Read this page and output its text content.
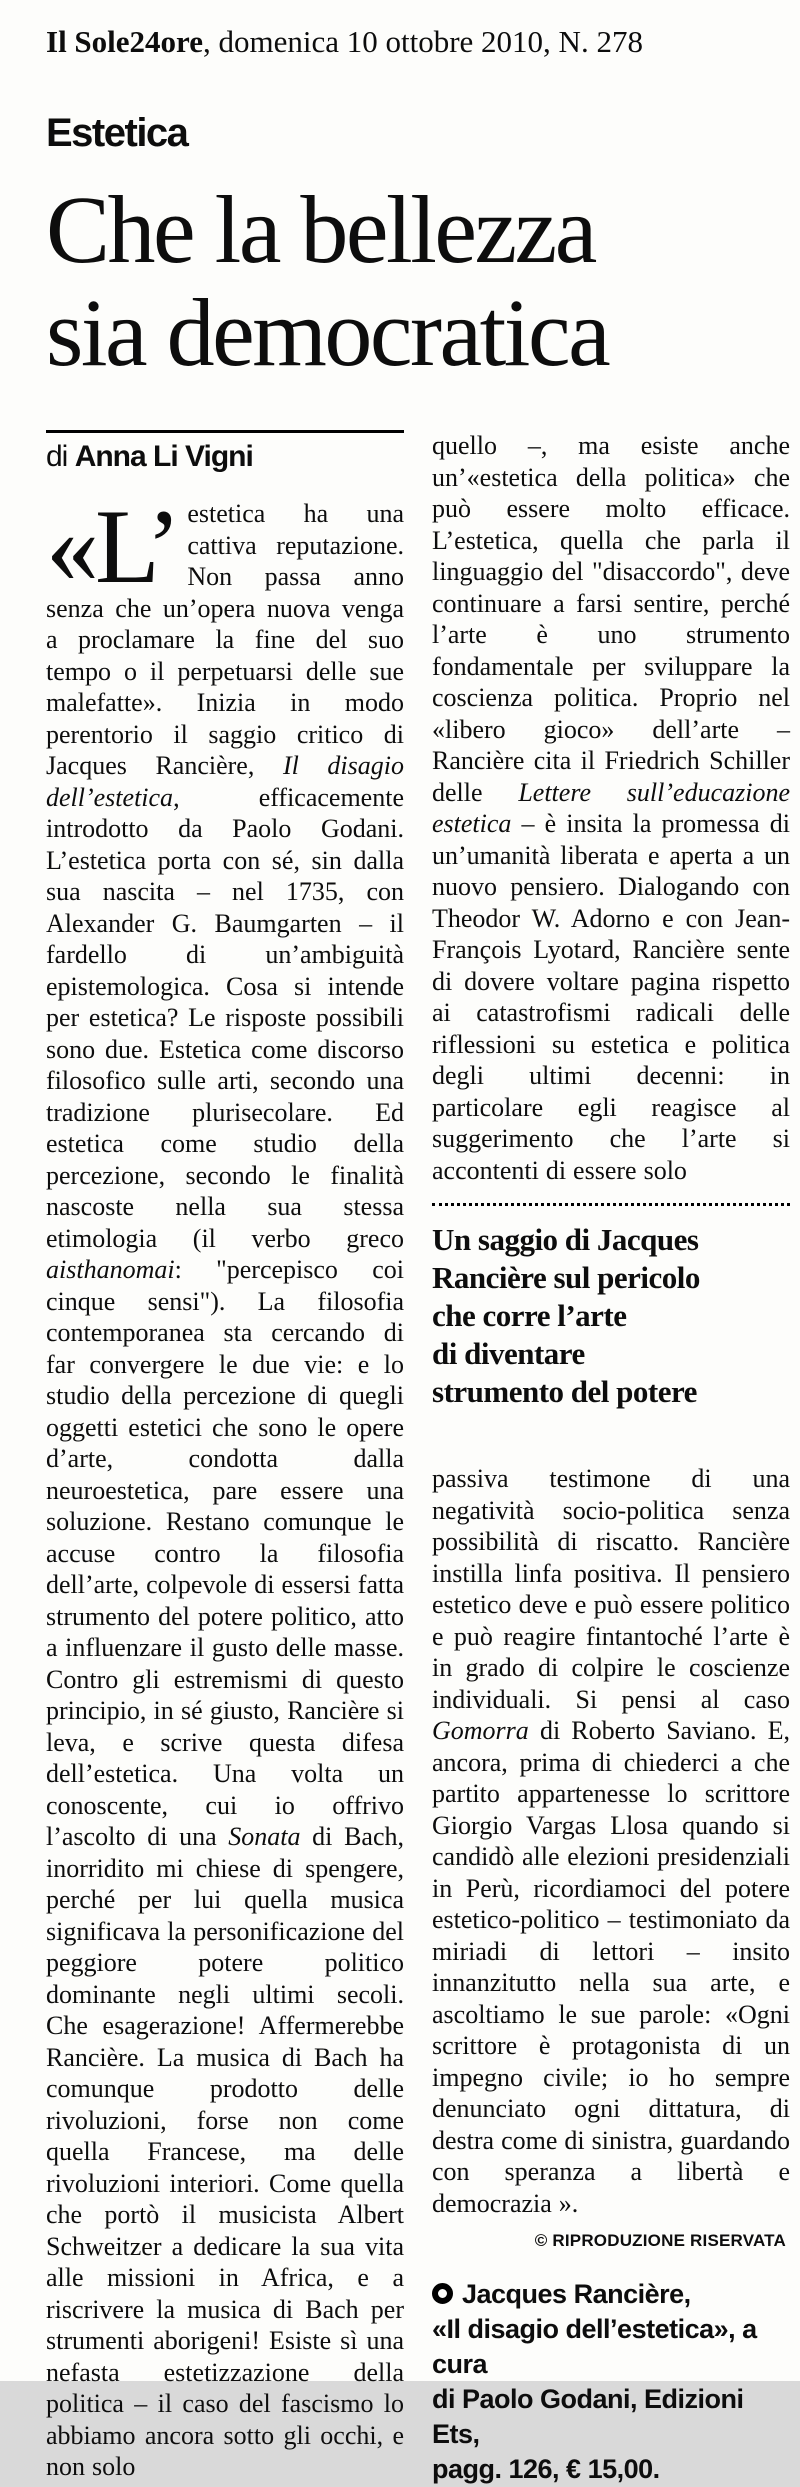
Il Sole24ore, domenica 10 ottobre 2010, N. 278
Estetica
Che la bellezza
sia democratica
di Anna Li Vigni

«L’ estetica ha una cattiva reputazione. Non passa anno senza che un’opera nuova venga a proclamare la fine del suo tempo o il perpetuarsi delle sue malefatte». Inizia in modo perentorio il saggio critico di Jacques Rancière, Il disagio dell’estetica, efficacemente introdotto da Paolo Godani. L’estetica porta con sé, sin dalla sua nascita – nel 1735, con Alexander G. Baumgarten – il fardello di un’ambiguità epistemologica. Cosa si intende per estetica? Le risposte possibili sono due. Estetica come discorso filosofico sulle arti, secondo una tradizione plurisecolare. Ed estetica come studio della percezione, secondo le finalità nascoste nella sua stessa etimologia (il verbo greco aisthanomai: "percepisco coi cinque sensi"). La filosofia contemporanea sta cercando di far convergere le due vie: e lo studio della percezione di quegli oggetti estetici che sono le opere d’arte, condotta dalla neuroestetica, pare essere una soluzione. Restano comunque le accuse contro la filosofia dell’arte, colpevole di essersi fatta strumento del potere politico, atto a influenzare il gusto delle masse. Contro gli estremismi di questo principio, in sé giusto, Rancière si leva, e scrive questa difesa dell’estetica. Una volta un conoscente, cui io offrivo l’ascolto di una Sonata di Bach, inorridito mi chiese di spengere, perché per lui quella musica significava la personificazione del peggiore potere politico dominante negli ultimi secoli. Che esagerazione! Affermerebbe Rancière. La musica di Bach ha comunque prodotto delle rivoluzioni, forse non come quella Francese, ma delle rivoluzioni interiori. Come quella che portò il musicista Albert Schweitzer a dedicare la sua vita alle missioni in Africa, e a riscrivere la musica di Bach per strumenti aborigeni! Esiste sì una nefasta estetizzazione della politica – il caso del fascismo lo abbiamo ancora sotto gli occhi, e non solo

quello –, ma esiste anche un’«estetica della politica» che può essere molto efficace. L’estetica, quella che parla il linguaggio del "disaccordo", deve continuare a farsi sentire, perché l’arte è uno strumento fondamentale per sviluppare la coscienza politica. Proprio nel «libero gioco» dell’arte – Rancière cita il Friedrich Schiller delle Lettere sull’educazione estetica – è insita la promessa di un’umanità liberata e aperta a un nuovo pensiero. Dialogando con Theodor W. Adorno e con Jean-François Lyotard, Rancière sente di dovere voltare pagina rispetto ai catastrofismi radicali delle riflessioni su estetica e politica degli ultimi decenni: in particolare egli reagisce al suggerimento che l’arte si accontenti di essere solo

Un saggio di Jacques
Rancière sul pericolo
che corre l’arte
di diventare
strumento del potere

passiva testimone di una negatività socio-politica senza possibilità di riscatto. Rancière instilla linfa positiva. Il pensiero estetico deve e può essere politico e può reagire fintantoché l’arte è in grado di colpire le coscienze individuali. Si pensi al caso Gomorra di Roberto Saviano. E, ancora, prima di chiederci a che partito appartenesse lo scrittore Giorgio Vargas Llosa quando si candidò alle elezioni presidenziali in Perù, ricordiamoci del potere estetico-politico – testimoniato da miriadi di lettori – insito innanzitutto nella sua arte, e ascoltiamo le sue parole: «Ogni scrittore è protagonista di un impegno civile; io ho sempre denunciato ogni dittatura, di destra come di sinistra, guardando con speranza a libertà e democrazia ».

© RIPRODUZIONE RISERVATA
Jacques Rancière,
«Il disagio dell’estetica», a cura
di Paolo Godani, Edizioni Ets,
pagg. 126, € 15,00.
